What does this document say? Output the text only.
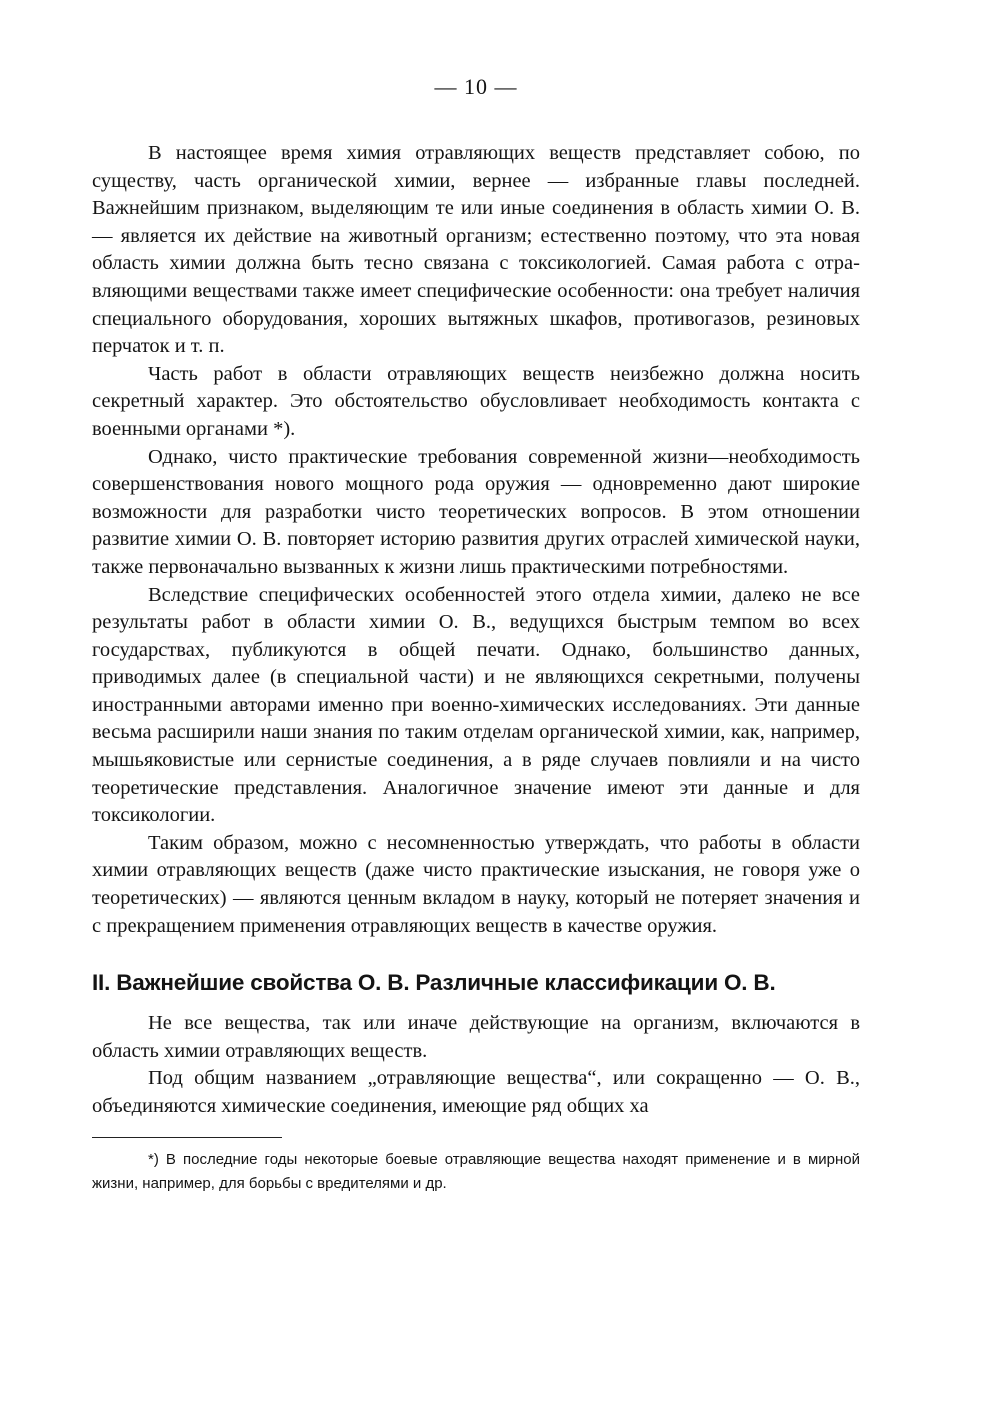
— 10 —

В настоящее время химия отравляющих веществ представляет собою, по существу, часть органической химии, вернее — избранные главы последней. Важнейшим признаком, выделяющим те или иные соединения в область химии О. В. — является их действие на животный организм; естественно поэтому, что эта новая область химии должна быть тесно связана с токсикологией. Самая работа с отравляющими веществами также имеет специфические особенности: она требует наличия специального оборудования, хороших вытяжных шкафов, противогазов, резиновых перчаток и т. п.

Часть работ в области отравляющих веществ неизбежно должна носить секретный характер. Это обстоятельство обусловливает необходимость контакта с военными органами *).

Однако, чисто практические требования современной жизни—необходимость совершенствования нового мощного рода оружия — одновременно дают широкие возможности для разработки чисто теоретических вопросов. В этом отношении развитие химии О. В. повторяет историю развития других отраслей химической науки, также первоначально вызванных к жизни лишь практическими потребностями.

Вследствие специфических особенностей этого отдела химии, далеко не все результаты работ в области химии О. В., ведущихся быстрым темпом во всех государствах, публикуются в общей печати. Однако, большинство данных, приводимых далее (в специальной части) и не являющихся секретными, получены иностранными авторами именно при военно-химических исследованиях. Эти данные весьма расширили наши знания по таким отделам органической химии, как, например, мышьяковистые или сернистые соединения, а в ряде случаев повлияли и на чисто теоретические представления. Аналогичное значение имеют эти данные и для токсикологии.

Таким образом, можно с несомненностью утверждать, что работы в области химии отравляющих веществ (даже чисто практические изыскания, не говоря уже о теоретических) — являются ценным вкладом в науку, который не потеряет значения и с прекращением применения отравляющих веществ в качестве оружия.

II. Важнейшие свойства О. В. Различные классификации О. В.

Не все вещества, так или иначе действующие на организм, включаются в область химии отравляющих веществ.

Под общим названием „отравляющие вещества“, или сокращенно — О. В., объединяются химические соединения, имеющие ряд общих ха

*) В последние годы некоторые боевые отравляющие вещества находят применение и в мирной жизни, например, для борьбы с вредителями и др.
